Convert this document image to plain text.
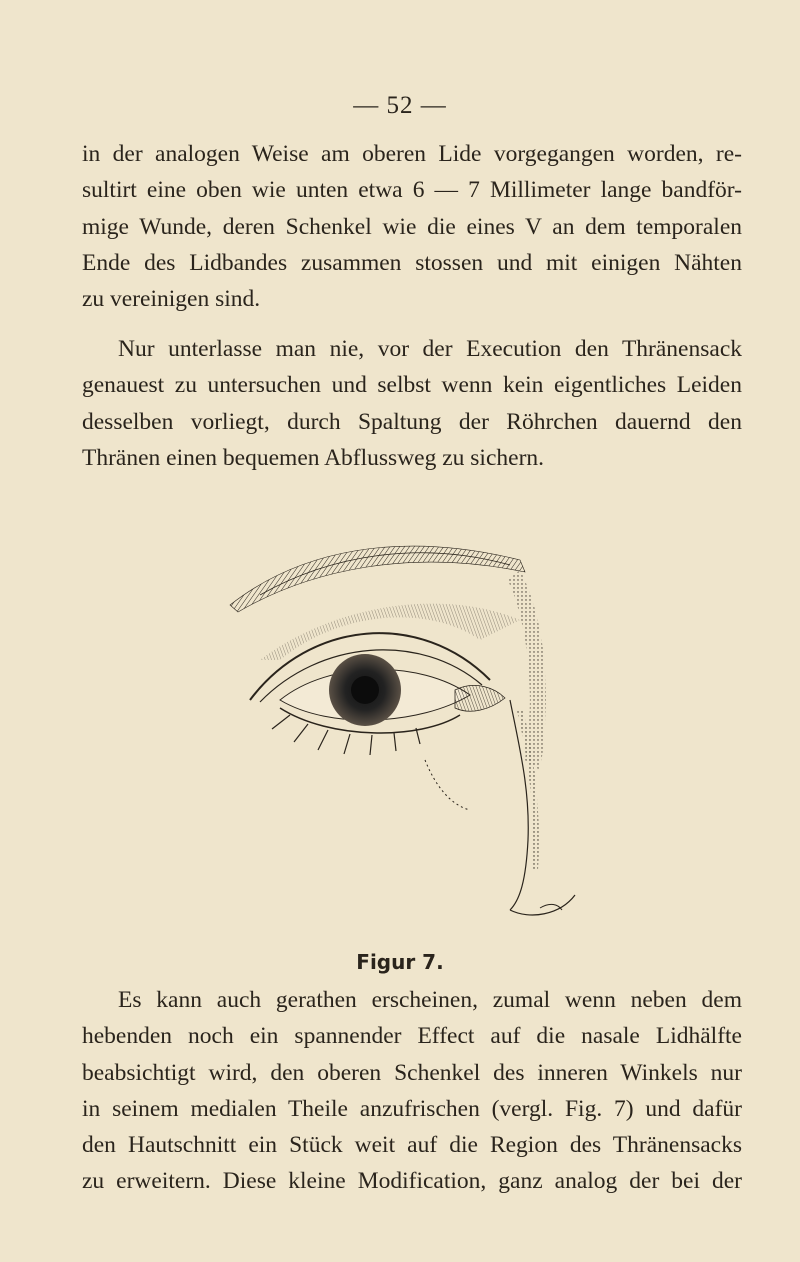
— 52 —

in der analogen Weise am oberen Lide vorgegangen worden, re-
sultirt eine oben wie unten etwa 6 — 7 Millimeter lange bandför-
mige Wunde, deren Schenkel wie die eines V an dem temporalen
Ende des Lidbandes zusammen stossen und mit einigen Nähten
zu vereinigen sind.

Nur unterlasse man nie, vor der Execution den Thränensack
genauest zu untersuchen und selbst wenn kein eigentliches Leiden
desselben vorliegt, durch Spaltung der Röhrchen dauernd den
Thränen einen bequemen Abflussweg zu sichern.

Figur 7.

Es kann auch gerathen erscheinen, zumal wenn neben dem
hebenden noch ein spannender Effect auf die nasale Lidhälfte
beabsichtigt wird, den oberen Schenkel des inneren Winkels nur
in seinem medialen Theile anzufrischen (vergl. Fig. 7) und dafür
den Hautschnitt ein Stück weit auf die Region des Thränensacks
zu erweitern. Diese kleine Modification, ganz analog der bei der
